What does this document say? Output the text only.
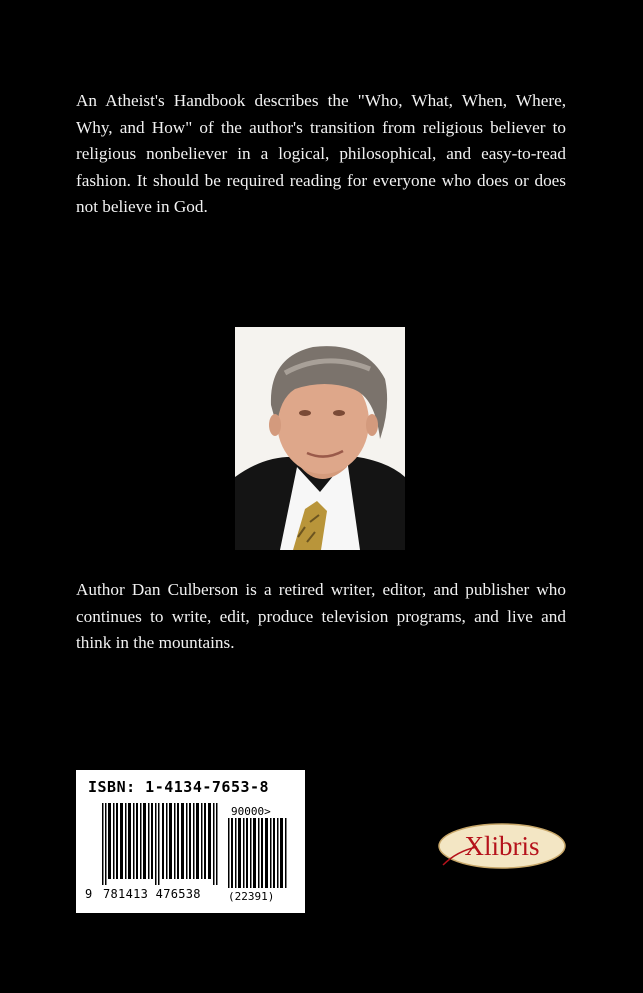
An Atheist's Handbook describes the "Who, What, When, Where, Why, and How" of the author's transition from religious believer to religious nonbeliever in a logical, philosophical, and easy-to-read fashion. It should be required reading for everyone who does or does not believe in God.

Author Dan Culberson is a retired writer, editor, and publisher who continues to write, edit, produce television programs, and live and think in the mountains.

ISBN: 1-4134-7653-8
90000>
9 781413 476538 (22391)
Xlibris
